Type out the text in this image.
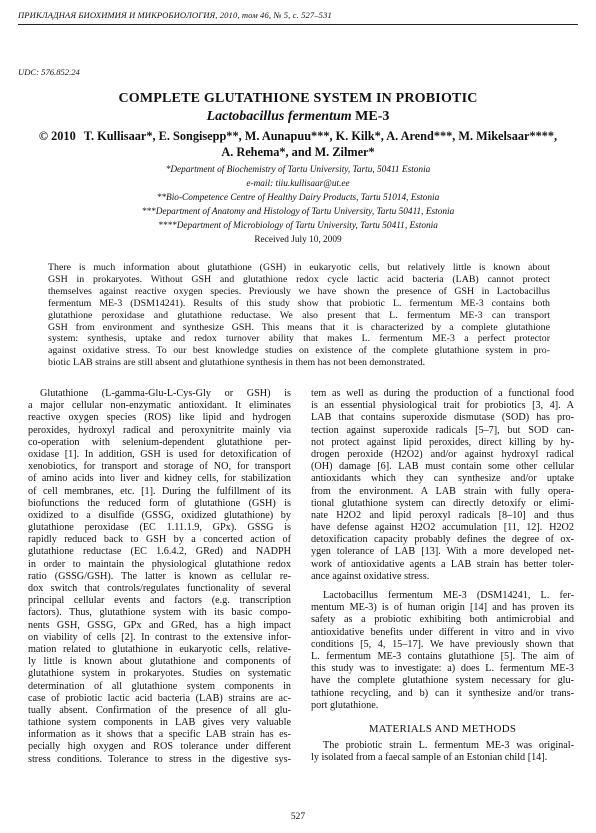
ПРИКЛАДНАЯ БИОХИМИЯ И МИКРОБИОЛОГИЯ, 2010, том 46, № 5, с. 527–531
UDC: 576.852.24
COMPLETE GLUTATHIONE SYSTEM IN PROBIOTIC
Lactobacillus fermentum ME-3
© 2010 T. Kullisaar*, E. Songisepp**, M. Aunapuu***, K. Kilk*, A. Arend***, M. Mikelsaar****,
A. Rehema*, and M. Zilmer*
*Department of Biochemistry of Tartu University, Tartu, 50411 Estonia
e-mail: tiiu.kullisaar@ut.ee
**Bio-Competence Centre of Healthy Dairy Products, Tartu 51014, Estonia
***Department of Anatomy and Histology of Tartu University, Tartu 50411, Estonia
****Department of Microbiology of Tartu University, Tartu 50411, Estonia
Received July 10, 2009
There is much information about glutathione (GSH) in eukaryotic cells, but relatively little is known about
GSH in prokaryotes. Without GSH and glutathione redox cycle lactic acid bacteria (LAB) cannot protect
themselves against reactive oxygen species. Previously we have shown the presence of GSH in Lactobacillus
fermentum ME-3 (DSM14241). Results of this study show that probiotic L. fermentum ME-3 contains both
glutathione peroxidase and glutathione reductase. We also present that L. fermentum ME-3 can transport
GSH from environment and synthesize GSH. This means that it is characterized by a complete glutathione
system: synthesis, uptake and redox turnover ability that makes L. fermentum ME-3 a perfect protector
against oxidative stress. To our best knowledge studies on existence of the complete glutathione system in pro-
biotic LAB strains are still absent and glutathione synthesis in them has not been demonstrated.
Glutathione (L-gamma-Glu-L-Cys-Gly or GSH) is
a major cellular non-enzymatic antioxidant. It eliminates
reactive oxygen species (ROS) like lipid and hydrogen
peroxides, hydroxyl radical and peroxynitrite mainly via
co-operation with selenium-dependent glutathione per-
oxidase [1]. In addition, GSH is used for detoxification of
xenobiotics, for transport and storage of NO, for transport
of amino acids into liver and kidney cells, for stabilization
of cell membranes, etc. [1]. During the fulfillment of its
biofunctions the reduced form of glutathione (GSH) is
oxidized to a disulfide (GSSG, oxidized glutathione) by
glutathione peroxidase (EC 1.11.1.9, GPx). GSSG is
rapidly reduced back to GSH by a concerted action of
glutathione reductase (EC 1.6.4.2, GRed) and NADPH
in order to maintain the physiological glutathione redox
ratio (GSSG/GSH). The latter is known as cellular re-
dox switch that controls/regulates functionality of several
principal cellular events and factors (e.g. transcription
factors). Thus, glutathione system with its basic compo-
nents GSH, GSSG, GPx and GRed, has a high impact
on viability of cells [2]. In contrast to the extensive infor-
mation related to glutathione in eukaryotic cells, relative-
ly little is known about glutathione and components of
glutathione system in prokaryotes. Studies on systematic
determination of all glutathione system components in
case of probiotic lactic acid bacteria (LAB) strains are ac-
tually absent. Confirmation of the presence of all glu-
tathione system components in LAB gives very valuable
information as it shows that a specific LAB strain has es-
pecially high oxygen and ROS tolerance under different
stress conditions. Tolerance to stress in the digestive sys-
tem as well as during the production of a functional food
is an essential physiological trait for probiotics [3, 4]. A
LAB that contains superoxide dismutase (SOD) has pro-
tection against superoxide radicals [5–7], but SOD can-
not protect against lipid peroxides, direct killing by hy-
drogen peroxide (H2O2) and/or against hydroxyl radical
(OH) damage [6]. LAB must contain some other cellular
antioxidants which they can synthesize and/or uptake
from the environment. A LAB strain with fully opera-
tional glutathione system can directly detoxify or elimi-
nate H2O2 and lipid peroxyl radicals [8–10] and thus
have defense against H2O2 accumulation [11, 12]. H2O2
detoxification capacity probably defines the degree of ox-
ygen tolerance of LAB [13]. With a more developed net-
work of antioxidative agents a LAB strain has better toler-
ance against oxidative stress.
Lactobacillus fermentum ME-3 (DSM14241, L. fer-
mentum ME-3) is of human origin [14] and has proven its
safety as a probiotic exhibiting both antimicrobial and
antioxidative benefits under different in vitro and in vivo
conditions [5, 4, 15–17]. We have previously shown that
L. fermentum ME-3 contains glutathione [5]. The aim of
this study was to investigate: a) does L. fermentum ME-3
have the complete glutathione system necessary for glu-
tathione recycling, and b) can it synthesize and/or trans-
port glutathione.
MATERIALS AND METHODS
The probiotic strain L. fermentum ME-3 was original-
ly isolated from a faecal sample of an Estonian child [14].
527
